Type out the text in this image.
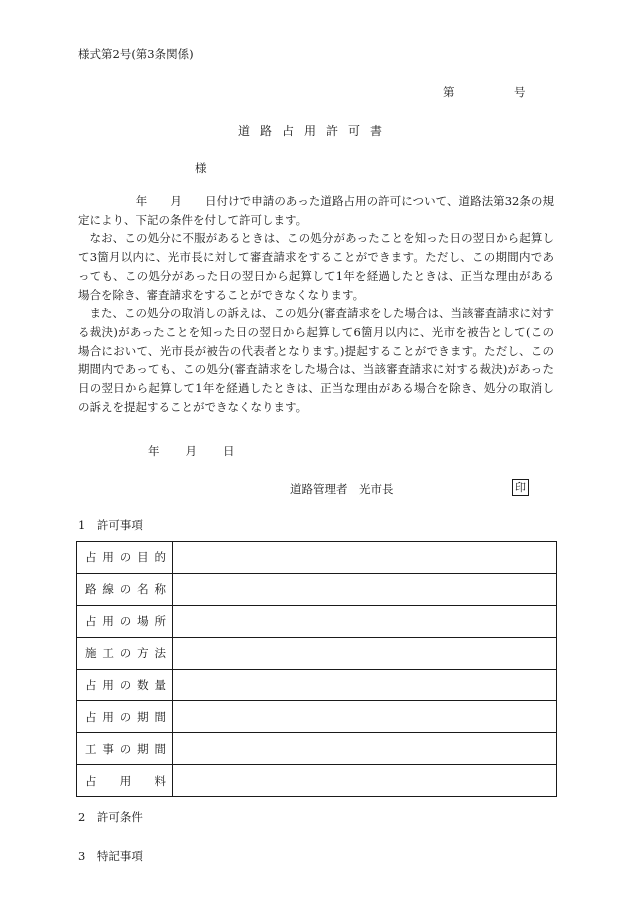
様式第2号(第3条関係)
第	号
道路占用許可書
様

　　　　　年　　月　　日付けで申請のあった道路占用の許可について、道路法第32条の規定により、下記の条件を付して許可します。

なお、この処分に不服があるときは、この処分があったことを知った日の翌日から起算して3箇月以内に、光市長に対して審査請求をすることができます。ただし、この期間内であっても、この処分があった日の翌日から起算して1年を経過したときは、正当な理由がある場合を除き、審査請求をすることができなくなります。

また、この処分の取消しの訴えは、この処分(審査請求をした場合は、当該審査請求に対する裁決)があったことを知った日の翌日から起算して6箇月以内に、光市を被告として(この場合において、光市長が被告の代表者となります。)提起することができます。ただし、この期間内であっても、この処分(審査請求をした場合は、当該審査請求に対する裁決)があった日の翌日から起算して1年を経過したときは、正当な理由がある場合を除き、処分の取消しの訴えを提起することができなくなります。

年 月 日
道路管理者　光市長	印
1　許可事項
占用の目的	
路線の名称	
占用の場所	
施工の方法	
占用の数量	
占用の期間	
工事の期間	
占用料	
2　許可条件
3　特記事項
